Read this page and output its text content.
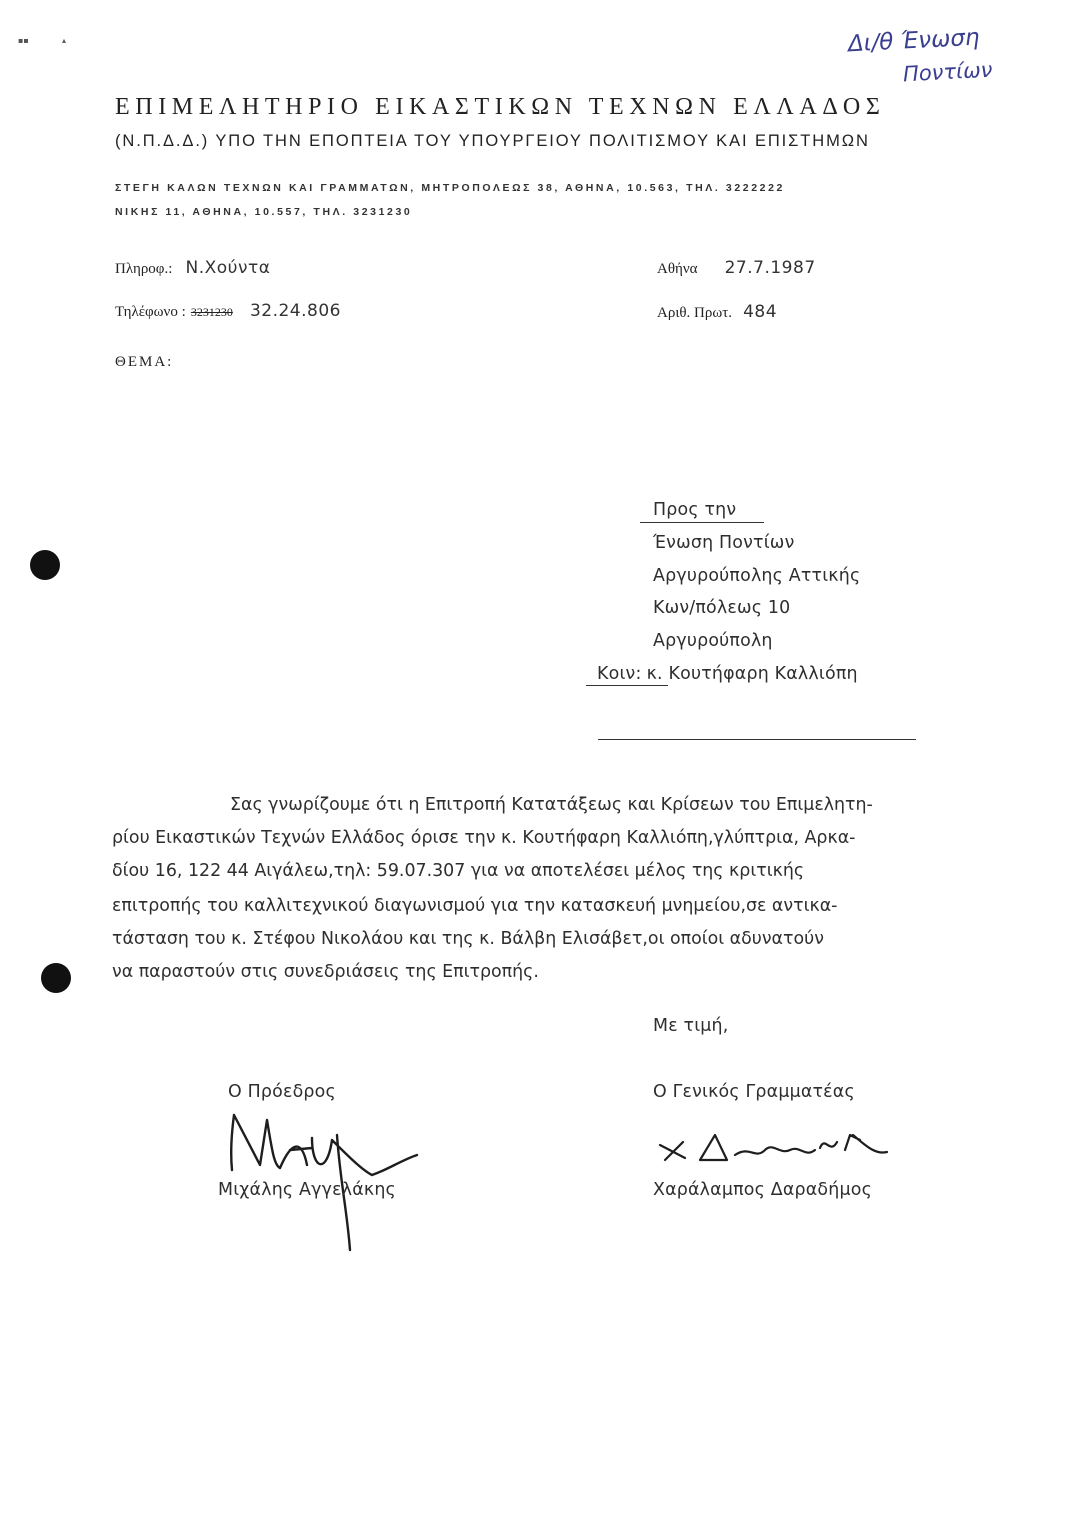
▪▪	▴	Δι/θ Ένωση
Ποντίων
ΕΠΙΜΕΛΗΤΗΡΙΟ ΕΙΚΑΣΤΙΚΩΝ ΤΕΧΝΩΝ ΕΛΛΑΔΟΣ
(Ν.Π.Δ.Δ.) ΥΠΟ ΤΗΝ ΕΠΟΠΤΕΙΑ ΤΟΥ ΥΠΟΥΡΓΕΙΟΥ ΠΟΛΙΤΙΣΜΟΥ ΚΑΙ ΕΠΙΣΤΗΜΩΝ
ΣΤΕΓΗ ΚΑΛΩΝ ΤΕΧΝΩΝ ΚΑΙ ΓΡΑΜΜΑΤΩΝ, ΜΗΤΡΟΠΟΛΕΩΣ 38, ΑΘΗΝΑ, 10.563, ΤΗΛ. 3222222
ΝΙΚΗΣ 11, ΑΘΗΝΑ, 10.557, ΤΗΛ. 3231230
Πληροφ.: Ν.Χούντα
Τηλέφωνο : 3231230 32.24.806
ΘΕΜΑ:
Αθήνα 27.7.1987
Αριθ. Πρωτ. 484
Προς την
Ένωση Ποντίων
Αργυρούπολης Αττικής
Κων/πόλεως 10
Αργυρούπολη
Κοιν: κ. Κουτήφαρη Καλλιόπη
Σας γνωρίζουμε ότι η Επιτροπή Κατατάξεως και Κρίσεων του Επιμελητη-
ρίου Εικαστικών Τεχνών Ελλάδος όρισε την κ. Κουτήφαρη Καλλιόπη,γλύπτρια, Αρκα-
δίου 16, 122 44 Αιγάλεω,τηλ: 59.07.307 για να αποτελέσει μέλος της κριτικής
επιτροπής του καλλιτεχνικού διαγωνισμού για την κατασκευή μνημείου,σε αντικα-
τάσταση του κ. Στέφου Νικολάου και της κ. Βάλβη Ελισάβετ,οι οποίοι αδυνατούν
να παραστούν στις συνεδριάσεις της Επιτροπής.
Με τιμή,
Ο Πρόεδρος	Ο Γενικός Γραμματέας
Μιχάλης Αγγελάκης	Χαράλαμπος Δαραδήμος
